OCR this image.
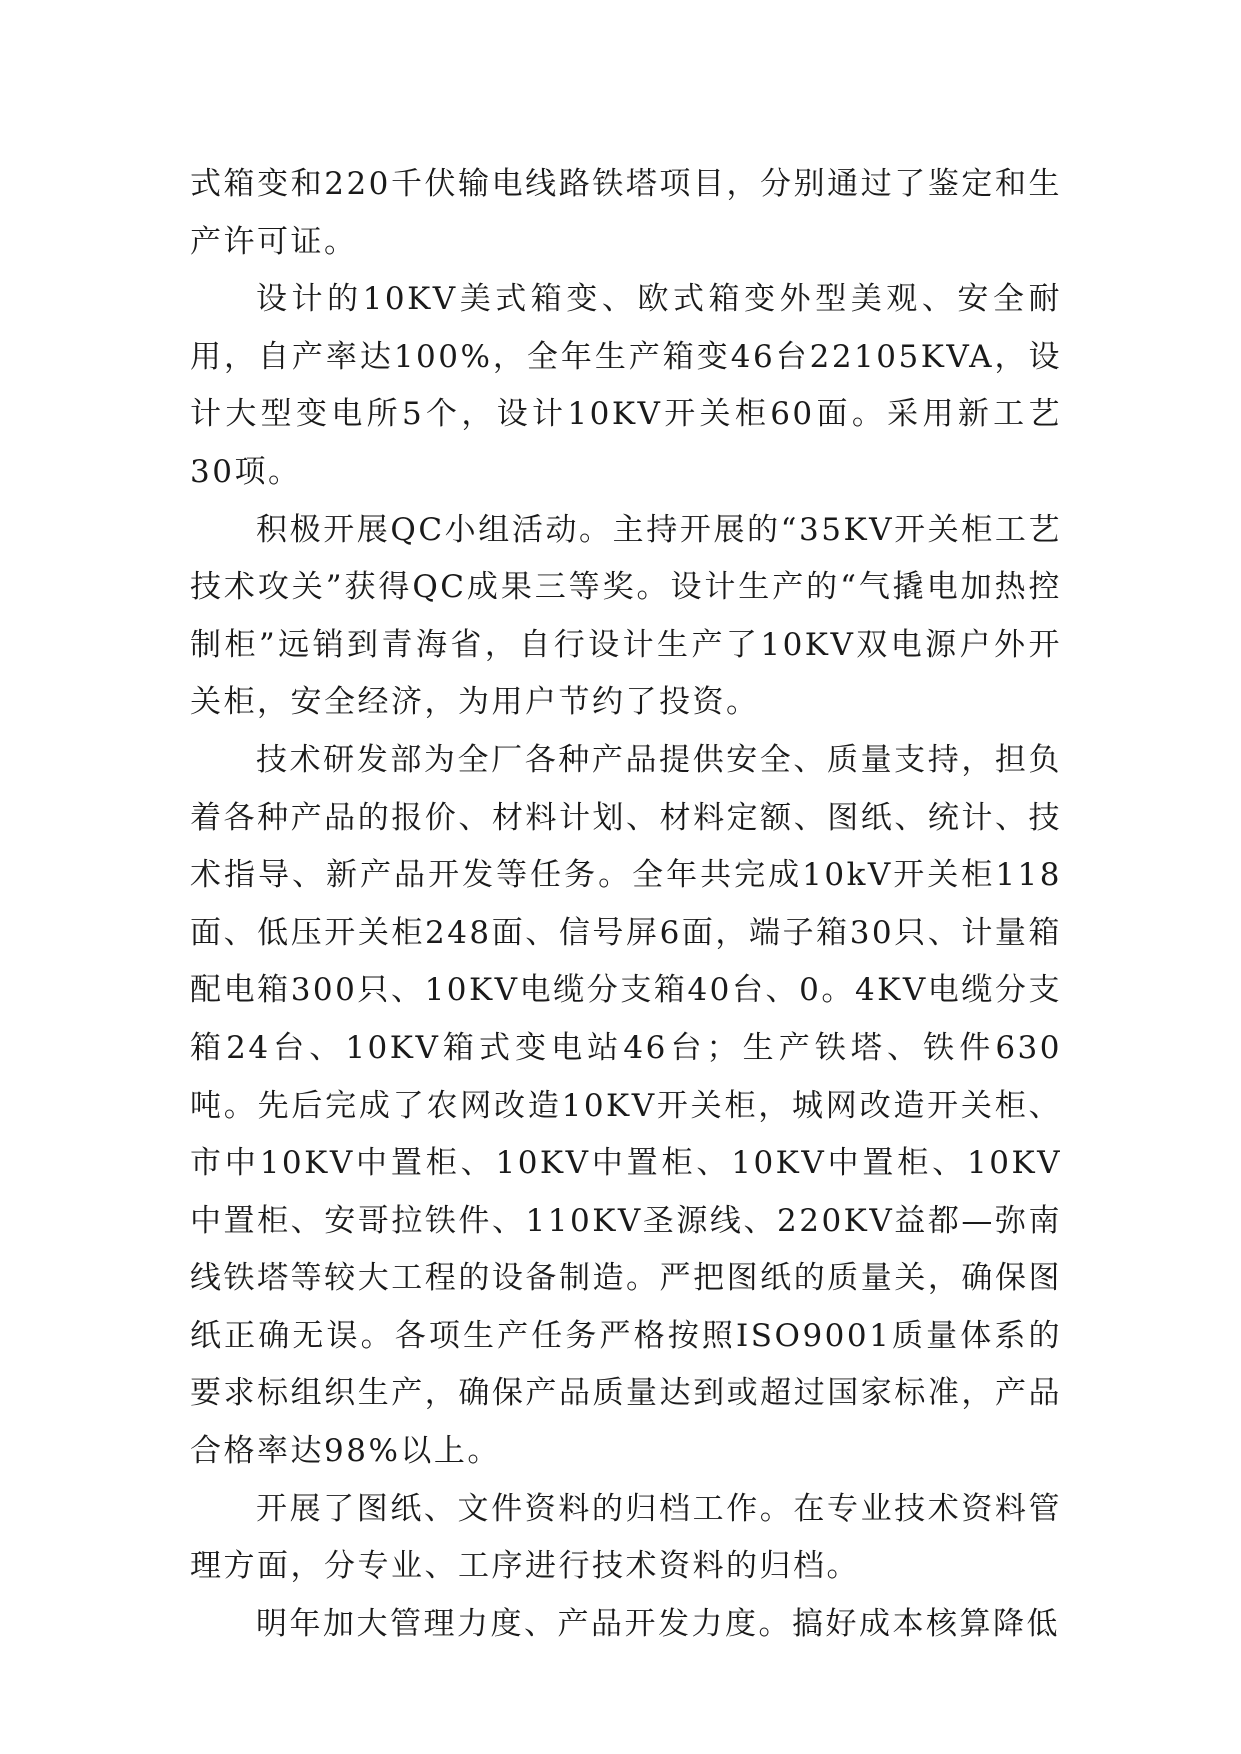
式箱变和220千伏输电线路铁塔项目，分别通过了鉴定和生产许可证。

设计的10KV美式箱变、欧式箱变外型美观、安全耐用，自产率达100%，全年生产箱变46台22105KVA，设计大型变电所5个，设计10KV开关柜60面。采用新工艺30项。

积极开展QC小组活动。主持开展的“35KV开关柜工艺技术攻关”获得QC成果三等奖。设计生产的“气撬电加热控制柜”远销到青海省，自行设计生产了10KV双电源户外开关柜，安全经济，为用户节约了投资。

技术研发部为全厂各种产品提供安全、质量支持，担负着各种产品的报价、材料计划、材料定额、图纸、统计、技术指导、新产品开发等任务。全年共完成10kV开关柜118面、低压开关柜248面、信号屏6面，端子箱30只、计量箱配电箱300只、10KV电缆分支箱40台、0。4KV电缆分支箱24台、10KV箱式变电站46台；生产铁塔、铁件630吨。先后完成了农网改造10KV开关柜，城网改造开关柜、市中10KV中置柜、10KV中置柜、10KV中置柜、10KV中置柜、安哥拉铁件、110KV圣源线、220KV益都—弥南线铁塔等较大工程的设备制造。严把图纸的质量关，确保图纸正确无误。各项生产任务严格按照ISO9001质量体系的要求标组织生产，确保产品质量达到或超过国家标准，产品合格率达98%以上。

开展了图纸、文件资料的归档工作。在专业技术资料管理方面，分专业、工序进行技术资料的归档。

明年加大管理力度、产品开发力度。搞好成本核算降低
